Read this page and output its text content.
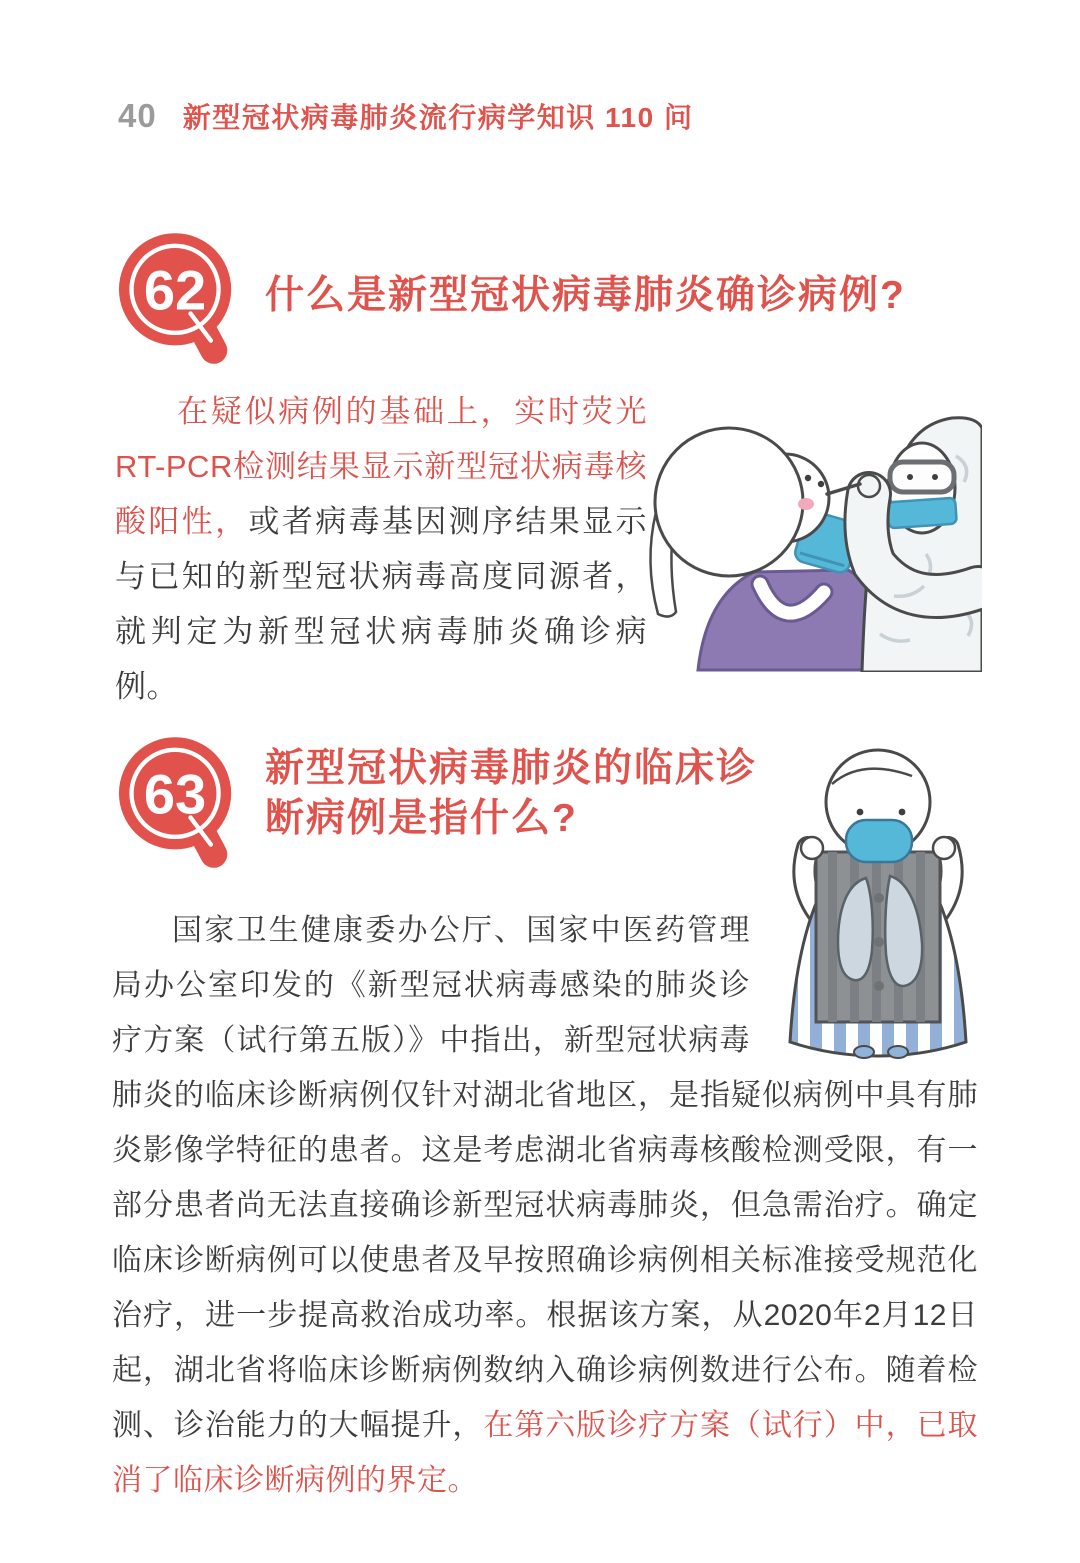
40 新型冠状病毒肺炎流行病学知识 110 问
62 什么是新型冠状病毒肺炎确诊病例?

在疑似病例的基础上，实时荧光RT-PCR检测结果显示新型冠状病毒核酸阳性，或者病毒基因测序结果显示与已知的新型冠状病毒高度同源者，就判定为新型冠状病毒肺炎确诊病例。

63 新型冠状病毒肺炎的临床诊断病例是指什么?

国家卫生健康委办公厅、国家中医药管理局办公室印发的《新型冠状病毒感染的肺炎诊疗方案（试行第五版）》中指出，新型冠状病毒肺炎的临床诊断病例仅针对湖北省地区，是指疑似病例中具有肺炎影像学特征的患者。这是考虑湖北省病毒核酸检测受限，有一部分患者尚无法直接确诊新型冠状病毒肺炎，但急需治疗。确定临床诊断病例可以使患者及早按照确诊病例相关标准接受规范化治疗，进一步提高救治成功率。根据该方案，从2020年2月12日起，湖北省将临床诊断病例数纳入确诊病例数进行公布。随着检测、诊治能力的大幅提升，在第六版诊疗方案（试行）中，已取消了临床诊断病例的界定。
